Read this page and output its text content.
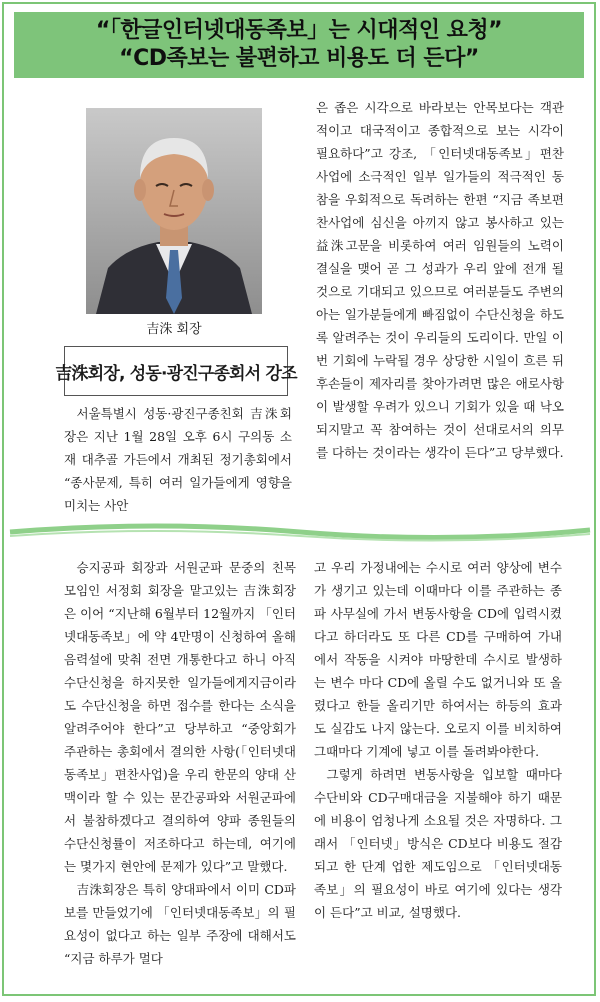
“「한글인터넷대동족보」는 시대적인 요청”
“CD족보는 불편하고 비용도 더 든다”
吉洙 회장
吉洙회장, 성동·광진구종회서 강조

서울특별시 성동·광진구종친회 吉洙회장은 지난 1월 28일 오후 6시 구의동 소재 대추골 가든에서 개최된 정기총회에서 “종사문제, 특히 여러 일가들에게 영향을 미치는 사안

은 좁은 시각으로 바라보는 안목보다는 객관적이고 대국적이고 종합적으로 보는 시각이 필요하다”고 강조, 「인터넷대동족보」편찬사업에 소극적인 일부 일가들의 적극적인 동참을 우회적으로 독려하는 한편 “지금 족보편찬사업에 심신을 아끼지 않고 봉사하고 있는 益洙고문을 비롯하여 여러 임원들의 노력이 결실을 맺어 곧 그 성과가 우리 앞에 전개 될 것으로 기대되고 있으므로 여러분들도 주변의 아는 일가분들에게 빠짐없이 수단신청을 하도록 알려주는 것이 우리들의 도리이다. 만일 이번 기회에 누락될 경우 상당한 시일이 흐른 뒤 후손들이 제자리를 찾아가려면 많은 애로사항이 발생할 우려가 있으니 기회가 있을 때 낙오되지말고 꼭 참여하는 것이 선대로서의 의무를 다하는 것이라는 생각이 든다”고 당부했다.

승지공파 회장과 서원군파 문중의 친목모임인 서정회 회장을 맡고있는 吉洙회장은 이어 “지난해 6월부터 12월까지 「인터넷대동족보」에 약 4만명이 신청하여 올해 음력설에 맞춰 전면 개통한다고 하니 아직 수단신청을 하지못한 일가들에게지금이라도 수단신청을 하면 접수를 한다는 소식을 알려주어야 한다”고 당부하고 “중앙회가 주관하는 총회에서 결의한 사항(「인터넷대동족보」편찬사업)을 우리 한문의 양대 산맥이라 할 수 있는 문간공파와 서원군파에서 불참하겠다고 결의하여 양파 종원들의 수단신청률이 저조하다고 하는데, 여기에는 몇가지 현안에 문제가 있다”고 말했다.

吉洙회장은 특히 양대파에서 이미 CD파보를 만들었기에 「인터넷대동족보」의 필요성이 없다고 하는 일부 주장에 대해서도 “지금 하루가 멀다

고 우리 가정내에는 수시로 여러 양상에 변수가 생기고 있는데 이때마다 이를 주관하는 종파 사무실에 가서 변동사항을 CD에 입력시켰다고 하더라도 또 다른 CD를 구매하여 가내에서 작동을 시켜야 마땅한데 수시로 발생하는 변수 마다 CD에 올릴 수도 없거니와 또 올렸다고 한들 올리기만 하여서는 하등의 효과도 실감도 나지 않는다. 오로지 이를 비치하여 그때마다 기계에 넣고 이를 돌려봐야한다.

그렇게 하려면 변동사항을 입보할 때마다 수단비와 CD구매대금을 지불해야 하기 때문에 비용이 엄청나게 소요될 것은 자명하다. 그래서 「인터넷」방식은 CD보다 비용도 절감되고 한 단계 업한 제도임으로 「인터넷대동족보」의 필요성이 바로 여기에 있다는 생각이 든다”고 비교, 설명했다.
